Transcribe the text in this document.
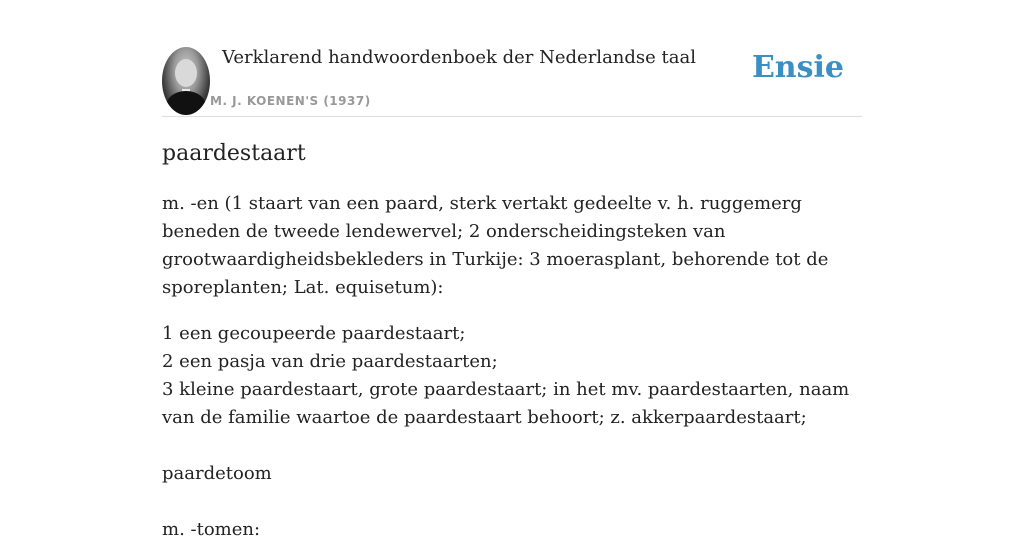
Verklarend handwoordenboek der Nederlandse taal
M. J. KOENEN'S (1937)
Ensie
paardestaart

m. -en (1 staart van een paard, sterk vertakt gedeelte v. h. ruggemerg beneden de tweede lendewervel; 2 onderscheidingsteken van grootwaardigheidsbekleders in Turkije: 3 moerasplant, behorende tot de sporeplanten; Lat. equisetum):

1 een gecoupeerde paardestaart;
2 een pasja van drie paardestaarten;
3 kleine paardestaart, grote paardestaart; in het mv. paardestaarten, naam van de familie waartoe de paardestaart behoort; z. akkerpaardestaart;

paardetoom
m. -tomen:
